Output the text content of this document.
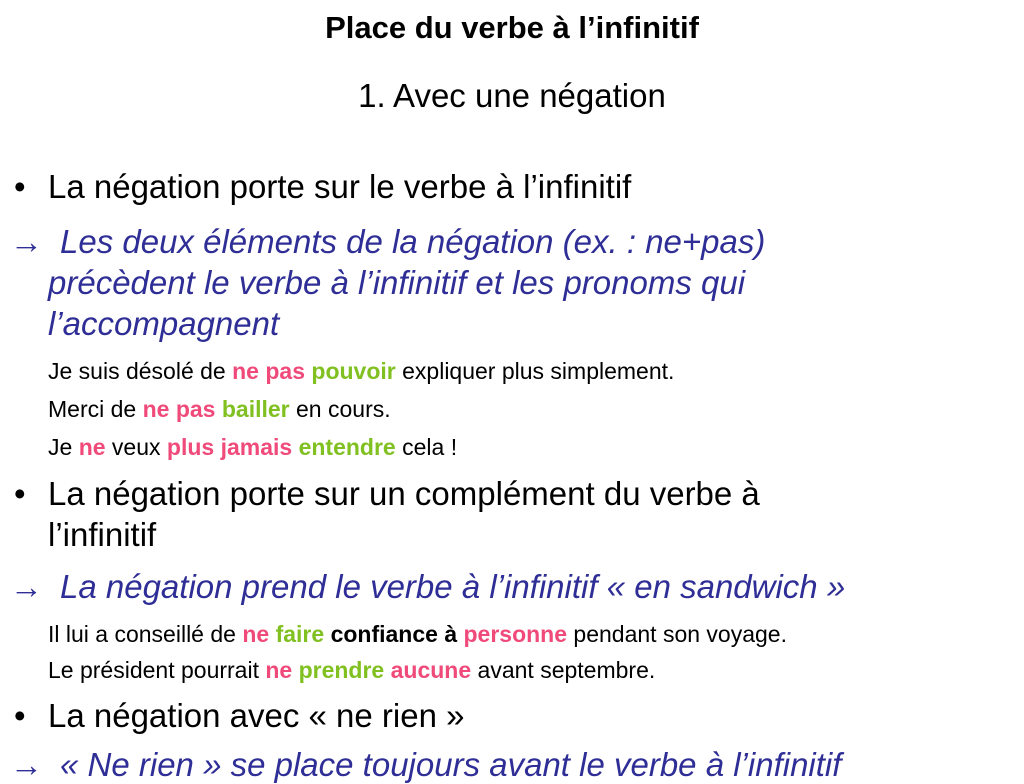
Place du verbe à l’infinitif
1. Avec une négation
• La négation porte sur le verbe à l’infinitif
→ Les deux éléments de la négation (ex. : ne+pas)
précèdent le verbe à l’infinitif et les pronoms qui
l’accompagnent
Je suis désolé de ne pas pouvoir expliquer plus simplement.
Merci de ne pas bailler en cours.
Je ne veux plus jamais entendre cela !
• La négation porte sur un complément du verbe à
l’infinitif
→ La négation prend le verbe à l’infinitif « en sandwich »
Il lui a conseillé de ne faire confiance à personne pendant son voyage.
Le président pourrait ne prendre aucune avant septembre.
• La négation avec « ne rien »
→ « Ne rien » se place toujours avant le verbe à l’infinitif
